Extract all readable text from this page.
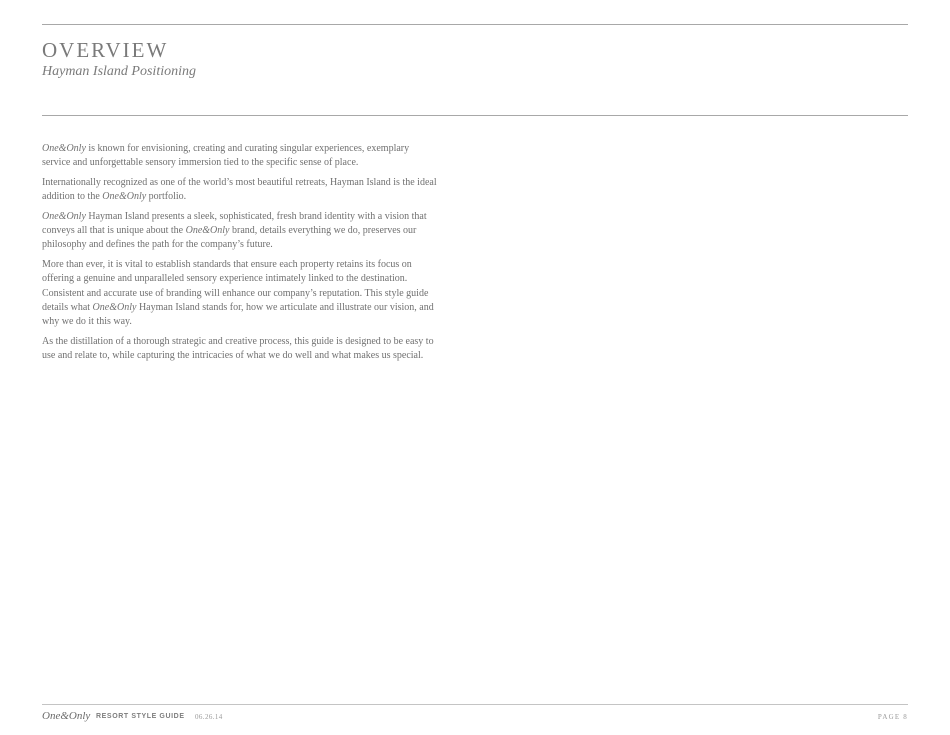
OVERVIEW
Hayman Island Positioning

One&Only is known for envisioning, creating and curating singular experiences, exemplary service and unforgettable sensory immersion tied to the specific sense of place.

Internationally recognized as one of the world’s most beautiful retreats, Hayman Island is the ideal addition to the One&Only portfolio.

One&Only Hayman Island presents a sleek, sophisticated, fresh brand identity with a vision that conveys all that is unique about the One&Only brand, details everything we do, preserves our philosophy and defines the path for the company’s future.

More than ever, it is vital to establish standards that ensure each property retains its focus on offering a genuine and unparalleled sensory experience intimately linked to the destination. Consistent and accurate use of branding will enhance our company’s reputation. This style guide details what One&Only Hayman Island stands for, how we articulate and illustrate our vision, and why we do it this way.

As the distillation of a thorough strategic and creative process, this guide is designed to be easy to use and relate to, while capturing the intricacies of what we do well and what makes us special.

One&Only RESORT STYLE GUIDE 06.26.14	PAGE 8
